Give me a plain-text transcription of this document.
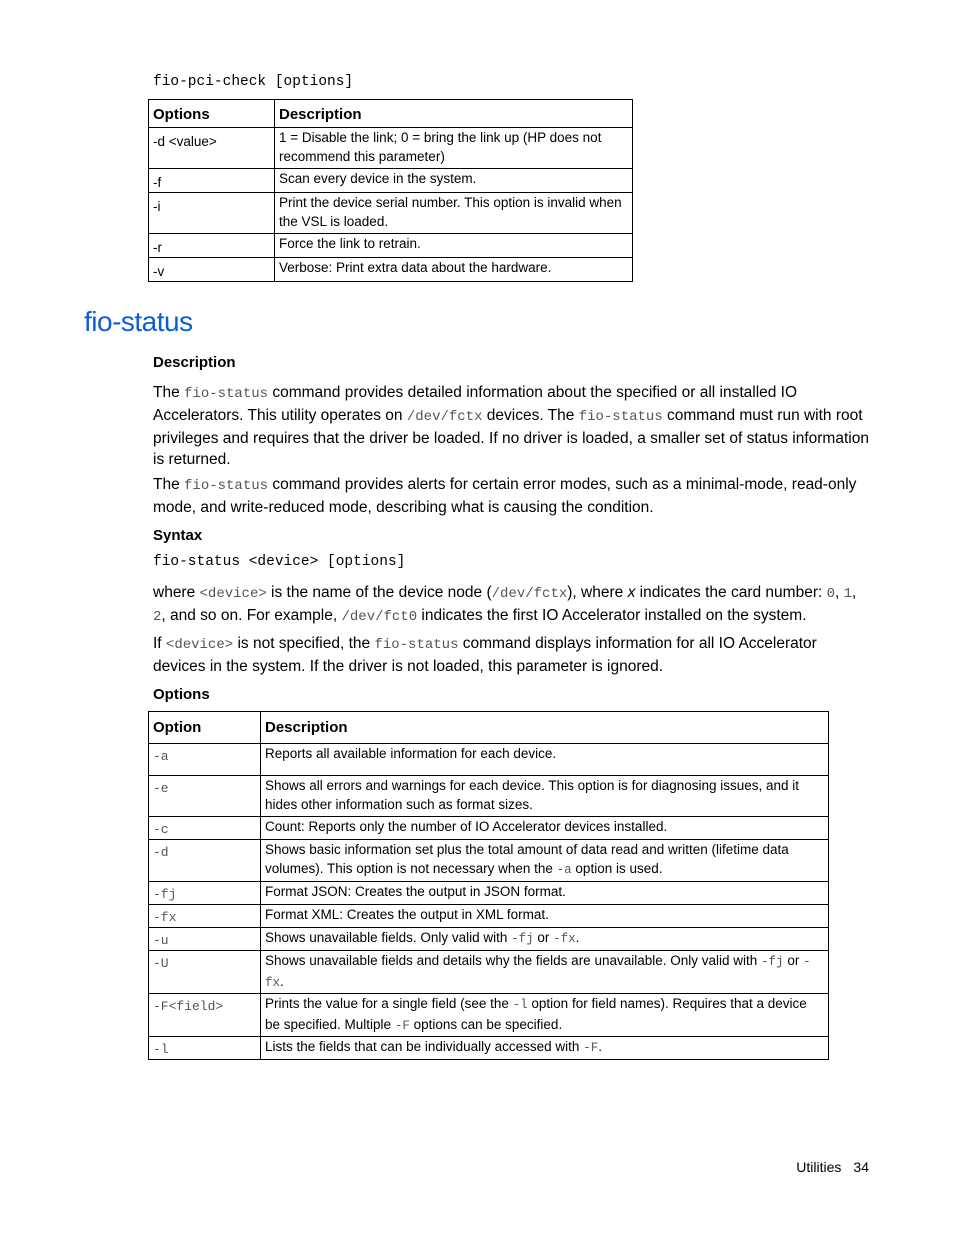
fio-pci-check [options]
Options	Description
-d <value>	1 = Disable the link; 0 = bring the link up (HP does not recommend this parameter)
-f	Scan every device in the system.
-i	Print the device serial number. This option is invalid when the VSL is loaded.
-r	Force the link to retrain.
-v	Verbose: Print extra data about the hardware.
fio-status
Description

The fio-status command provides detailed information about the specified or all installed IO Accelerators. This utility operates on /dev/fctx devices. The fio-status command must run with root privileges and requires that the driver be loaded. If no driver is loaded, a smaller set of status information is returned.

The fio-status command provides alerts for certain error modes, such as a minimal-mode, read-only mode, and write-reduced mode, describing what is causing the condition.

Syntax
fio-status <device> [options]

where <device> is the name of the device node (/dev/fctx), where x indicates the card number: 0, 1, 2, and so on. For example, /dev/fct0 indicates the first IO Accelerator installed on the system.

If <device> is not specified, the fio-status command displays information for all IO Accelerator devices in the system. If the driver is not loaded, this parameter is ignored.

Options
Option	Description
-a	Reports all available information for each device.
-e	Shows all errors and warnings for each device. This option is for diagnosing issues, and it hides other information such as format sizes.
-c	Count: Reports only the number of IO Accelerator devices installed.
-d	Shows basic information set plus the total amount of data read and written (lifetime data volumes). This option is not necessary when the -a option is used.
-fj	Format JSON: Creates the output in JSON format.
-fx	Format XML: Creates the output in XML format.
-u	Shows unavailable fields. Only valid with -fj or -fx.
-U	Shows unavailable fields and details why the fields are unavailable. Only valid with -fj or -fx.
-F<field>	Prints the value for a single field (see the -l option for field names). Requires that a device be specified. Multiple -F options can be specified.
-l	Lists the fields that can be individually accessed with -F.
Utilities 34
